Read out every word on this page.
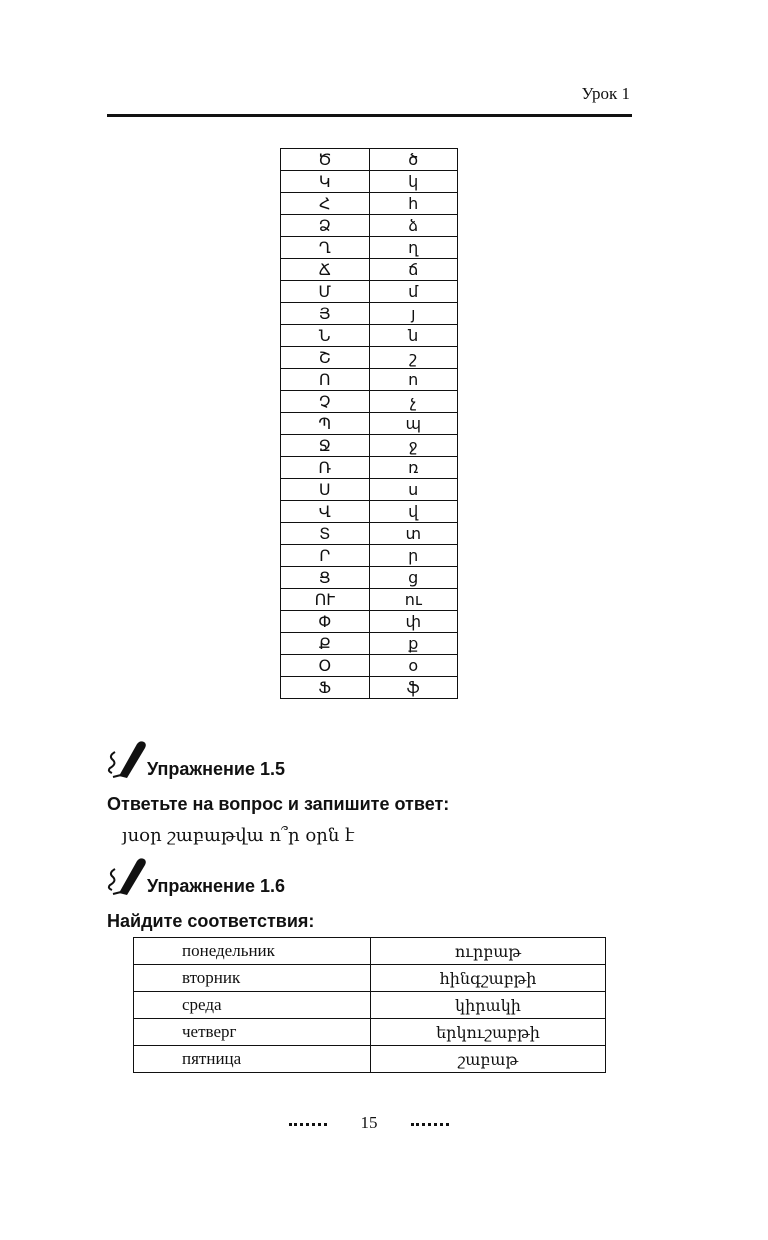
Урок 1
Ծ	ծ
Կ	կ
Հ	հ
Ձ	ձ
Ղ	ղ
Ճ	ճ
Մ	մ
Յ	յ
Ն	ն
Շ	շ
Ո	ո
Չ	չ
Պ	պ
Ջ	ջ
Ռ	ռ
Ս	ս
Վ	վ
Տ	տ
Ր	ր
Ց	ց
ՈՒ	ու
Փ	փ
Ք	ք
Օ	օ
Ֆ	ֆ
Упражнение 1.5
Ответьте на вопрос и запишите ответ:
յսօր շաբաթվա ո՞ր օրն է
Упражнение 1.6
Найдите соответствия:
понедельник	ուրբաթ
вторник	հինգշաբթի
среда	կիրակի
четверг	երկուշաբթի
пятница	շաբաթ
15
